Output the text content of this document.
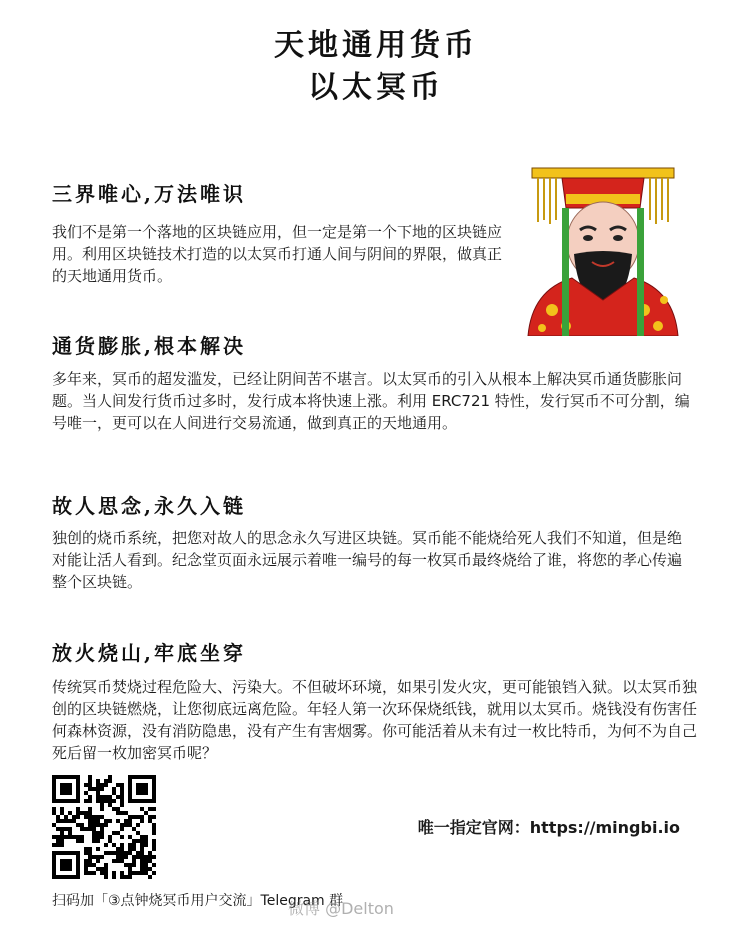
天地通用货币
以太冥币
三界唯心,万法唯识
我们不是第一个落地的区块链应用，但一定是第一个下地的区块链应用。利用区块链技术打造的以太冥币打通人间与阴间的界限，做真正的天地通用货币。
通货膨胀,根本解决
多年来，冥币的超发滥发，已经让阴间苦不堪言。以太冥币的引入从根本上解决冥币通货膨胀问题。当人间发行货币过多时，发行成本将快速上涨。利用 ERC721 特性，发行冥币不可分割，编号唯一，更可以在人间进行交易流通，做到真正的天地通用。
故人思念,永久入链
独创的烧币系统，把您对故人的思念永久写进区块链。冥币能不能烧给死人我们不知道，但是绝对能让活人看到。纪念堂页面永远展示着唯一编号的每一枚冥币最终烧给了谁，将您的孝心传遍整个区块链。
放火烧山,牢底坐穿
传统冥币焚烧过程危险大、污染大。不但破坏环境，如果引发火灾，更可能锒铛入狱。以太冥币独创的区块链燃烧，让您彻底远离危险。年轻人第一次环保烧纸钱，就用以太冥币。烧钱没有伤害任何森林资源，没有消防隐患，没有产生有害烟雾。你可能活着从未有过一枚比特币，为何不为自己死后留一枚加密冥币呢？
唯一指定官网：https://mingbi.io
扫码加「③点钟烧冥币用户交流」Telegram 群
微博 @Delton
